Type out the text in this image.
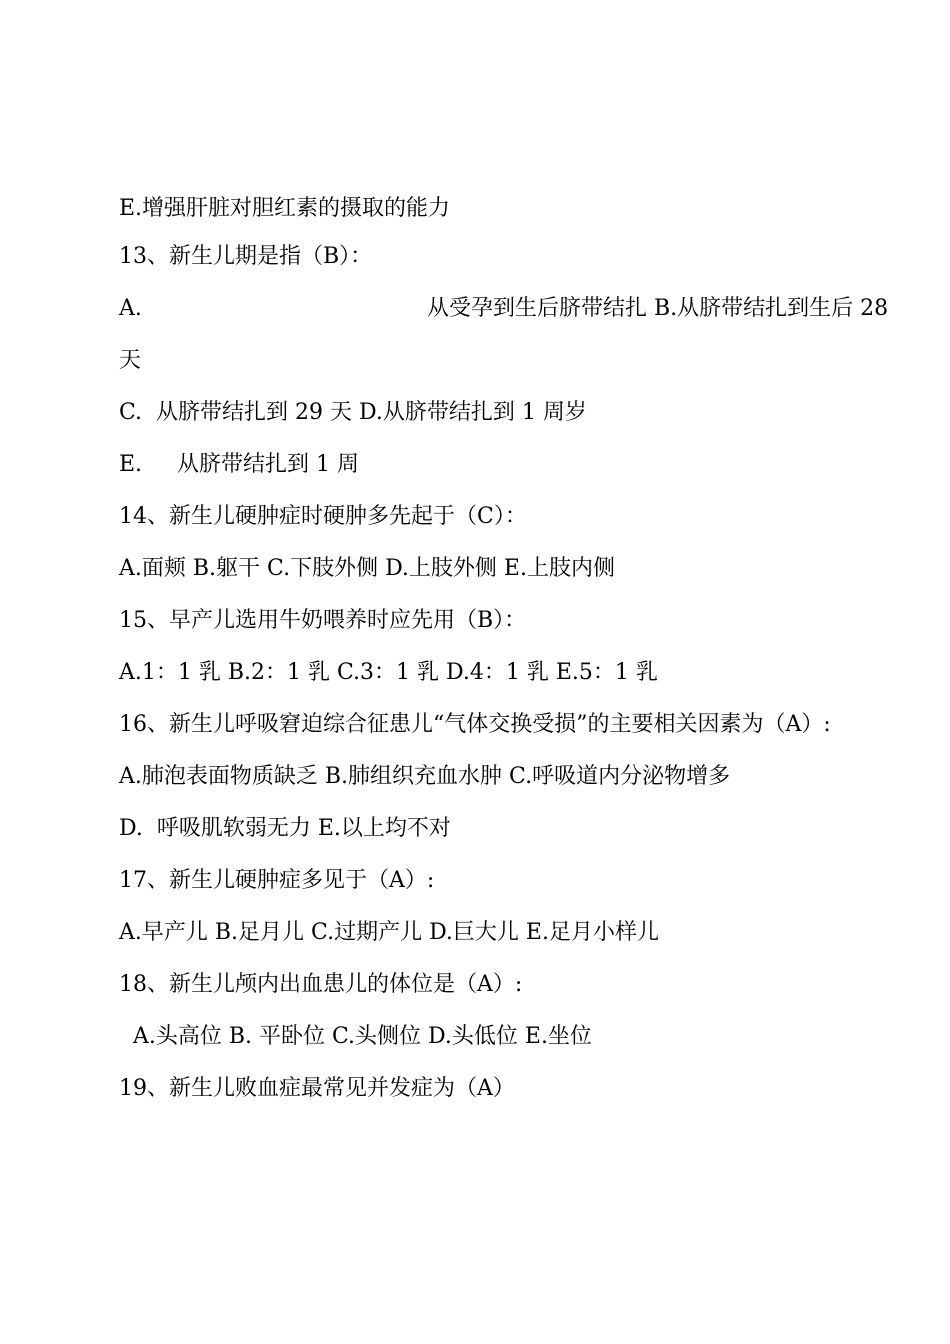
E.增强肝脏对胆红素的摄取的能力
13、新生儿期是指（B）：
A.	从受孕到生后脐带结扎 B.从脐带结扎到生后 28
天
C.  从脐带结扎到 29 天 D.从脐带结扎到 1 周岁
E.     从脐带结扎到 1 周
14、新生儿硬肿症时硬肿多先起于（C）：
A.面颊 B.躯干 C.下肢外侧 D.上肢外侧 E.上肢内侧
15、早产儿选用牛奶喂养时应先用（B）：
A.1：1 乳 B.2：1 乳 C.3：1 乳 D.4：1 乳 E.5：1 乳
16、新生儿呼吸窘迫综合征患儿“气体交换受损”的主要相关因素为（A）:
A.肺泡表面物质缺乏 B.肺组织充血水肿 C.呼吸道内分泌物增多
D.  呼吸肌软弱无力 E.以上均不对
17、新生儿硬肿症多见于（A）:
A.早产儿 B.足月儿 C.过期产儿 D.巨大儿 E.足月小样儿
18、新生儿颅内出血患儿的体位是（A）:
A.头高位 B. 平卧位 C.头侧位 D.头低位 E.坐位
19、新生儿败血症最常见并发症为（A）
